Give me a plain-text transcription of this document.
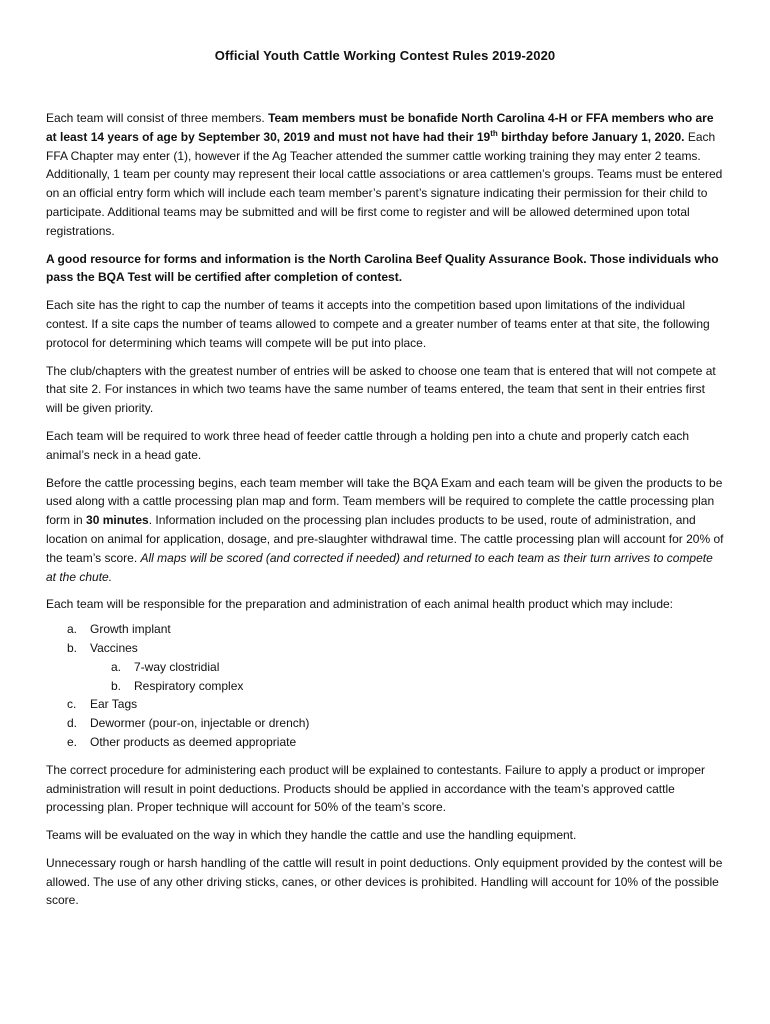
Official Youth Cattle Working Contest Rules 2019-2020

Each team will consist of three members. Team members must be bonafide North Carolina 4-H or FFA members who are at least 14 years of age by September 30, 2019 and must not have had their 19th birthday before January 1, 2020. Each FFA Chapter may enter (1), however if the Ag Teacher attended the summer cattle working training they may enter 2 teams. Additionally, 1 team per county may represent their local cattle associations or area cattlemen’s groups. Teams must be entered on an official entry form which will include each team member’s parent’s signature indicating their permission for their child to participate. Additional teams may be submitted and will be first come to register and will be allowed determined upon total registrations.

A good resource for forms and information is the North Carolina Beef Quality Assurance Book. Those individuals who pass the BQA Test will be certified after completion of contest.

Each site has the right to cap the number of teams it accepts into the competition based upon limitations of the individual contest. If a site caps the number of teams allowed to compete and a greater number of teams enter at that site, the following protocol for determining which teams will compete will be put into place.

The club/chapters with the greatest number of entries will be asked to choose one team that is entered that will not compete at that site 2. For instances in which two teams have the same number of teams entered, the team that sent in their entries first will be given priority.

Each team will be required to work three head of feeder cattle through a holding pen into a chute and properly catch each animal’s neck in a head gate.

Before the cattle processing begins, each team member will take the BQA Exam and each team will be given the products to be used along with a cattle processing plan map and form. Team members will be required to complete the cattle processing plan form in 30 minutes. Information included on the processing plan includes products to be used, route of administration, and location on animal for application, dosage, and pre-slaughter withdrawal time. The cattle processing plan will account for 20% of the team’s score. All maps will be scored (and corrected if needed) and returned to each team as their turn arrives to compete at the chute.

Each team will be responsible for the preparation and administration of each animal health product which may include:

a. Growth implant
b. Vaccines
a. 7-way clostridial
b. Respiratory complex
c. Ear Tags
d. Dewormer (pour-on, injectable or drench)
e. Other products as deemed appropriate

The correct procedure for administering each product will be explained to contestants. Failure to apply a product or improper administration will result in point deductions. Products should be applied in accordance with the team’s approved cattle processing plan. Proper technique will account for 50% of the team’s score.

Teams will be evaluated on the way in which they handle the cattle and use the handling equipment.

Unnecessary rough or harsh handling of the cattle will result in point deductions. Only equipment provided by the contest will be allowed. The use of any other driving sticks, canes, or other devices is prohibited. Handling will account for 10% of the possible score.
